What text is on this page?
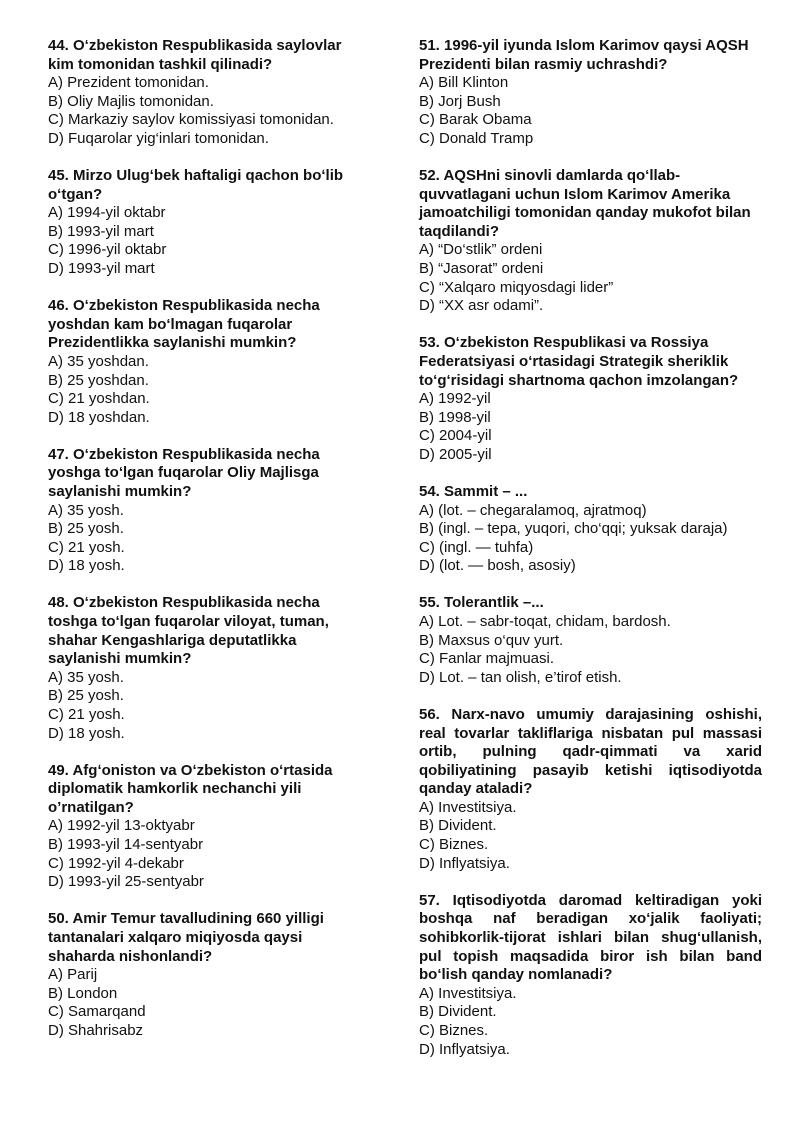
44. O‘zbekiston Respublikasida saylovlar kim tomonidan tashkil qilinadi?

A) Prezident tomonidan.

B) Oliy Majlis tomonidan.

C) Markaziy saylov komissiyasi tomonidan.

D) Fuqarolar yig‘inlari tomonidan.

45. Mirzo Ulugʻbek haftaligi qachon boʻlib oʻtgan?

A) 1994-yil oktabr

B) 1993-yil mart

C) 1996-yil oktabr

D) 1993-yil mart

46. O‘zbekiston Respublikasida necha yoshdan kam bo‘lmagan fuqarolar Prezidentlikka saylanishi mumkin?

A) 35 yoshdan.

B) 25 yoshdan.

C) 21 yoshdan.

D) 18 yoshdan.

47. O‘zbekiston Respublikasida necha yoshga to‘lgan fuqarolar Oliy Majlisga saylanishi mumkin?

A) 35 yosh.

B) 25 yosh.

C) 21 yosh.

D) 18 yosh.

48. O‘zbekiston Respublikasida necha toshga to‘lgan fuqarolar viloyat, tuman, shahar Kengashlariga deputatlikka saylanishi mumkin?

A) 35 yosh.

B) 25 yosh.

C) 21 yosh.

D) 18 yosh.

49. Afgʻoniston va Oʻzbekiston oʻrtasida diplomatik hamkorlik nechanchi yili o’rnatilgan?

A) 1992-yil 13-oktyabr

B) 1993-yil 14-sentyabr

C) 1992-yil 4-dekabr

D) 1993-yil 25-sentyabr

50. Amir Temur tavalludining 660 yilligi tantanalari xalqaro miqiyosda qaysi shaharda nishonlandi?

A) Parij

B) London

C) Samarqand

D) Shahrisabz

51. 1996-yil iyunda Islom Karimov qaysi AQSH Prezidenti bilan rasmiy uchrashdi?

A) Bill Klinton

B) Jorj Bush

C) Barak Obama

C) Donald Tramp

52. AQSHni sinovli damlarda qo‘llab-quvvatlagani uchun Islom Karimov Amerika jamoatchiligi tomonidan qanday mukofot bilan taqdilandi?

A) “Do‘stlik” ordeni

B) “Jasorat” ordeni

C) “Xalqaro miqyosdagi lider”

D) “XX asr odami”.

53. O‘zbekiston Respublikasi va Rossiya Federatsiyasi o‘rtasidagi Strategik sheriklik to‘g‘risidagi shartnoma qachon imzolangan?

A) 1992-yil

B) 1998-yil

C) 2004-yil

D) 2005-yil

54. Sammit – ...

A) (lot. – chegaralamoq, ajratmoq)

B) (ingl. – tepa, yuqori, cho‘qqi; yuksak daraja)

C) (ingl. — tuhfa)

D) (lot. — bosh, asosiy)

55. Tolerantlik –...

A) Lot. – sabr-toqat, chidam, bardosh.

B) Maxsus o‘quv yurt.

C) Fanlar majmuasi.

D) Lot. – tan olish, e’tirof etish.

56. Narx-navo umumiy darajasining oshishi, real tovarlar takliflariga nisbatan pul massasi ortib, pulning qadr-qimmati va xarid qobiliyatining pasayib ketishi iqtisodiyotda qanday ataladi?

A) Investitsiya.

B) Divident.

C) Biznes.

D) Inflyatsiya.

57. Iqtisodiyotda daromad keltiradigan yoki boshqa naf beradigan xo‘jalik faoliyati; sohibkorlik-tijorat ishlari bilan shug‘ullanish, pul topish maqsadida biror ish bilan band bo‘lish qanday nomlanadi?

A) Investitsiya.

B) Divident.

C) Biznes.

D) Inflyatsiya.
